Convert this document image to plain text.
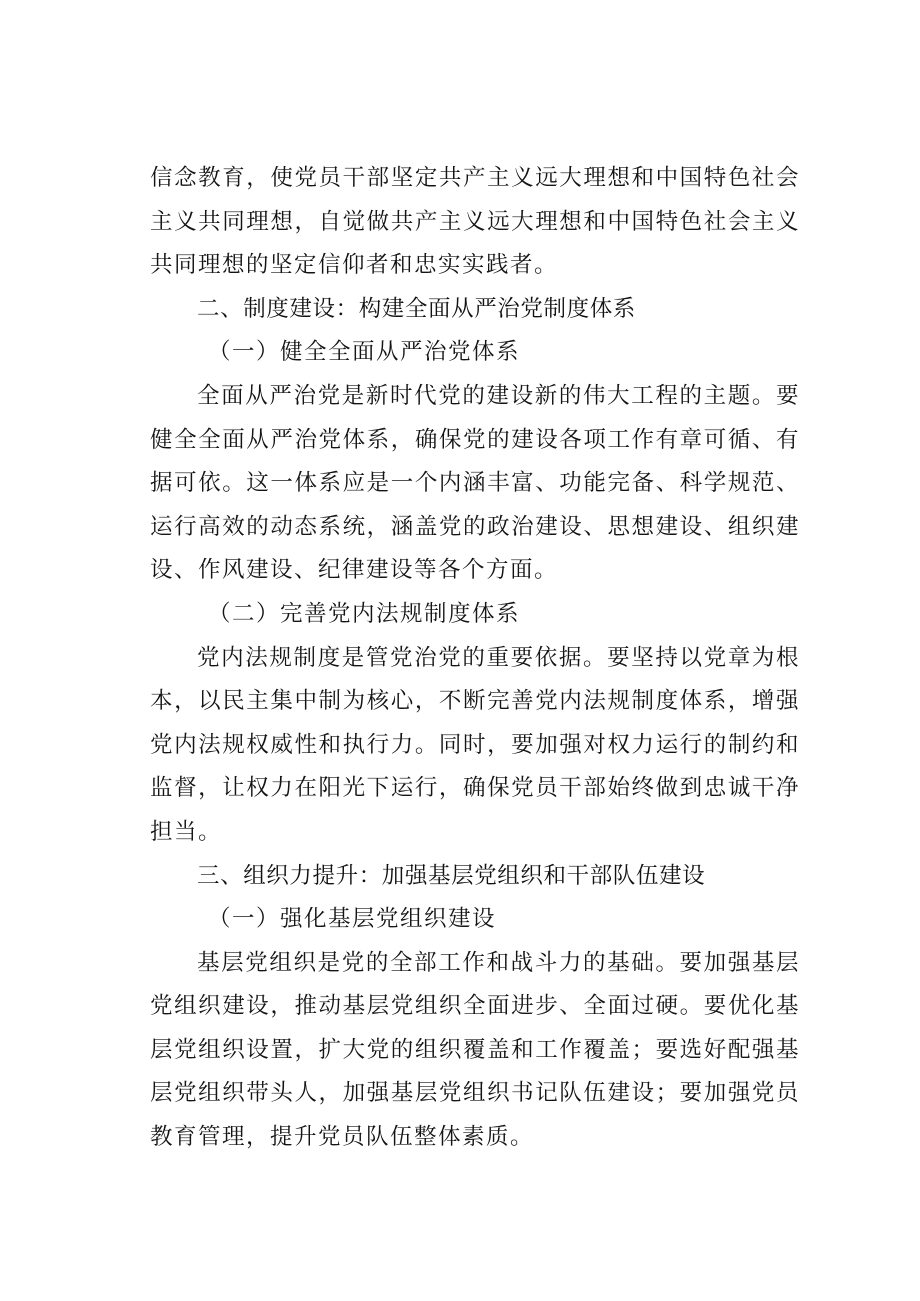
信念教育，使党员干部坚定共产主义远大理想和中国特色社会主义共同理想，自觉做共产主义远大理想和中国特色社会主义共同理想的坚定信仰者和忠实实践者。

二、制度建设：构建全面从严治党制度体系

（一）健全全面从严治党体系

全面从严治党是新时代党的建设新的伟大工程的主题。要健全全面从严治党体系，确保党的建设各项工作有章可循、有据可依。这一体系应是一个内涵丰富、功能完备、科学规范、运行高效的动态系统，涵盖党的政治建设、思想建设、组织建设、作风建设、纪律建设等各个方面。

（二）完善党内法规制度体系

党内法规制度是管党治党的重要依据。要坚持以党章为根本，以民主集中制为核心，不断完善党内法规制度体系，增强党内法规权威性和执行力。同时，要加强对权力运行的制约和监督，让权力在阳光下运行，确保党员干部始终做到忠诚干净担当。

三、组织力提升：加强基层党组织和干部队伍建设

（一）强化基层党组织建设

基层党组织是党的全部工作和战斗力的基础。要加强基层党组织建设，推动基层党组织全面进步、全面过硬。要优化基层党组织设置，扩大党的组织覆盖和工作覆盖；要选好配强基层党组织带头人，加强基层党组织书记队伍建设；要加强党员教育管理，提升党员队伍整体素质。
